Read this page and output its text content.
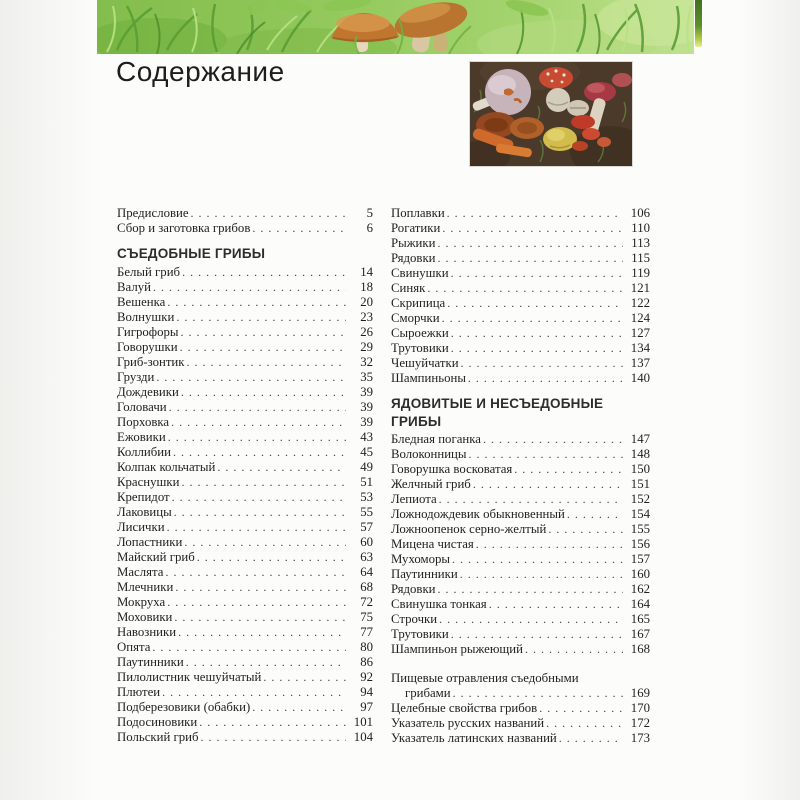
Содержание
Предисловие . . .	5
Сбор и заготовка грибов . . .	6
СЪЕДОБНЫЕ ГРИБЫ
Белый гриб . . .	14
Валуй . . .	18
Вешенка . . .	20
Волнушки . . .	23
Гигрофоры . . .	26
Говорушки . . .	29
Гриб-зонтик . . .	32
Грузди . . .	35
Дождевики . . .	39
Головачи . . .	39
Порховка . . .	39
Ежовики . . .	43
Коллибии . . .	45
Колпак кольчатый . . .	49
Краснушки . . .	51
Крепидот . . .	53
Лаковицы . . .	55
Лисички . . .	57
Лопастники . . .	60
Майский гриб . . .	63
Маслята . . .	64
Млечники . . .	68
Мокруха . . .	72
Моховики . . .	75
Навозники . . .	77
Опята . . .	80
Паутинники . . .	86
Пилолистник чешуйчатый . . .	92
Плютеи . . .	94
Подберезовики (обабки) . . .	97
Подосиновики . . .	101
Польский гриб . . .	104
Поплавки . . .	106
Рогатики . . .	110
Рыжики . . .	113
Рядовки . . .	115
Свинушки . . .	119
Синяк . . .	121
Скрипица . . .	122
Сморчки . . .	124
Сыроежки . . .	127
Трутовики . . .	134
Чешуйчатки . . .	137
Шампиньоны . . .	140
ЯДОВИТЫЕ И НЕСЪЕДОБНЫЕ ГРИБЫ
Бледная поганка . . .	147
Волоконницы . . .	148
Говорушка восковатая . . .	150
Желчный гриб . . .	151
Лепиота . . .	152
Ложнодождевик обыкновенный . . .	154
Ложноопенок серно-желтый . . .	155
Мицена чистая . . .	156
Мухоморы . . .	157
Паутинники . . .	160
Рядовки . . .	162
Свинушка тонкая . . .	164
Строчки . . .	165
Трутовики . . .	167
Шампиньон рыжеющий . . .	168
Пищевые отравления съедобными
грибами . . .	169
Целебные свойства грибов . . .	170
Указатель русских названий . . .	172
Указатель латинских названий . . .	173
